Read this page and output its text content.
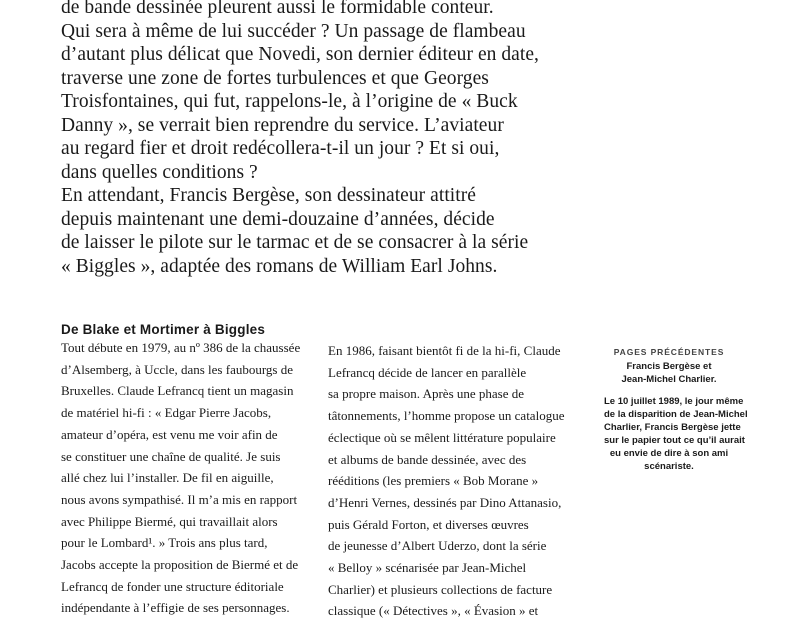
de bande dessinée pleurent aussi le formidable conteur.
Qui sera à même de lui succéder ? Un passage de flambeau
d’autant plus délicat que Novedi, son dernier éditeur en date,
traverse une zone de fortes turbulences et que Georges
Troisfontaines, qui fut, rappelons-le, à l’origine de « Buck
Danny », se verrait bien reprendre du service. L’aviateur
au regard fier et droit redécollera-t-il un jour ? Et si oui,
dans quelles conditions ?
En attendant, Francis Bergèse, son dessinateur attitré
depuis maintenant une demi-douzaine d’années, décide
de laisser le pilote sur le tarmac et de se consacrer à la série
« Biggles », adaptée des romans de William Earl Johns.
De Blake et Mortimer à Biggles
Tout débute en 1979, au nº 386 de la chaussée
d’Alsemberg, à Uccle, dans les faubourgs de
Bruxelles. Claude Lefrancq tient un magasin
de matériel hi-fi : « Edgar Pierre Jacobs,
amateur d’opéra, est venu me voir afin de
se constituer une chaîne de qualité. Je suis
allé chez lui l’installer. De fil en aiguille,
nous avons sympathisé. Il m’a mis en rapport
avec Philippe Biermé, qui travaillait alors
pour le Lombard¹. » Trois ans plus tard,
Jacobs accepte la proposition de Biermé et de
Lefrancq de fonder une structure éditoriale
indépendante à l’effigie de ses personnages.
En 1986, faisant bientôt fi de la hi-fi, Claude
Lefrancq décide de lancer en parallèle
sa propre maison. Après une phase de
tâtonnements, l’homme propose un catalogue
éclectique où se mêlent littérature populaire
et albums de bande dessinée, avec des
rééditions (les premiers « Bob Morane »
d’Henri Vernes, dessinés par Dino Attanasio,
puis Gérald Forton, et diverses œuvres
de jeunesse d’Albert Uderzo, dont la série
« Belloy » scénarisée par Jean-Michel
Charlier) et plusieurs collections de facture
classique (« Détectives », « Évasion » et
PAGES PRÉCÉDENTES
Francis Bergèse et
Jean-Michel Charlier.
Le 10 juillet 1989, le jour même
de la disparition de Jean-Michel
Charlier, Francis Bergèse jette
sur le papier tout ce qu’il aurait
eu envie de dire à son ami
scénariste.
